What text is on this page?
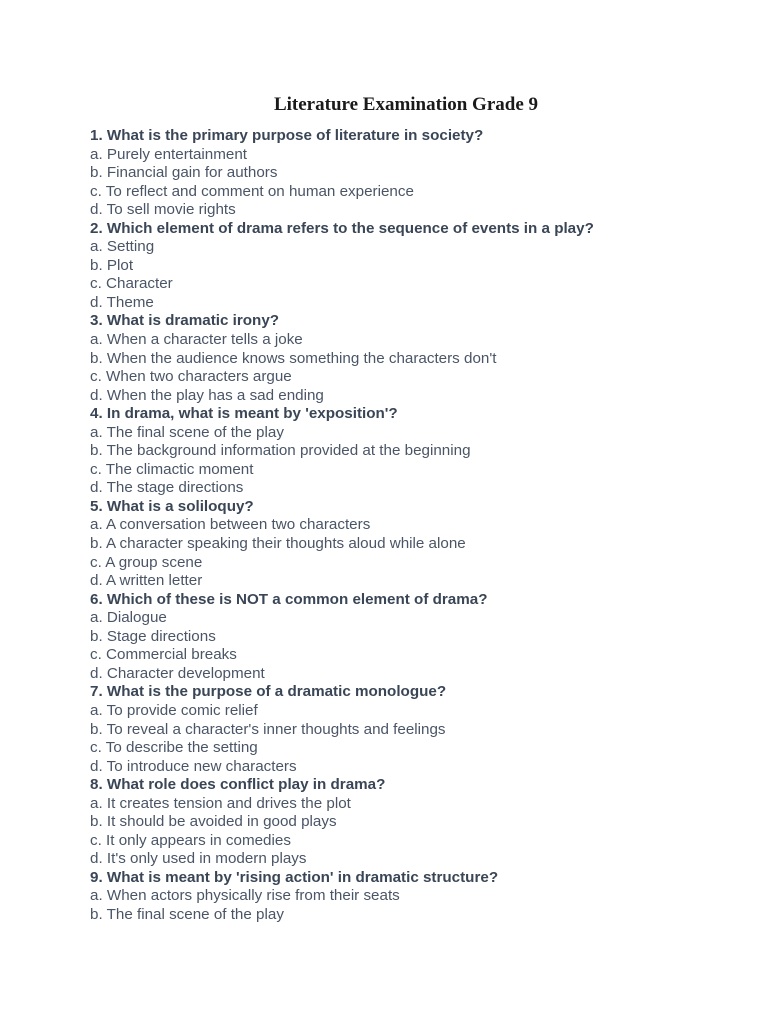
Literature Examination Grade 9
1. What is the primary purpose of literature in society?
a. Purely entertainment
b. Financial gain for authors
c. To reflect and comment on human experience
d. To sell movie rights
2. Which element of drama refers to the sequence of events in a play?
a. Setting
b. Plot
c. Character
d. Theme
3. What is dramatic irony?
a. When a character tells a joke
b. When the audience knows something the characters don't
c. When two characters argue
d. When the play has a sad ending
4. In drama, what is meant by 'exposition'?
a. The final scene of the play
b. The background information provided at the beginning
c. The climactic moment
d. The stage directions
5. What is a soliloquy?
a. A conversation between two characters
b. A character speaking their thoughts aloud while alone
c. A group scene
d. A written letter
6. Which of these is NOT a common element of drama?
a. Dialogue
b. Stage directions
c. Commercial breaks
d. Character development
7. What is the purpose of a dramatic monologue?
a. To provide comic relief
b. To reveal a character's inner thoughts and feelings
c. To describe the setting
d. To introduce new characters
8. What role does conflict play in drama?
a. It creates tension and drives the plot
b. It should be avoided in good plays
c. It only appears in comedies
d. It's only used in modern plays
9. What is meant by 'rising action' in dramatic structure?
a. When actors physically rise from their seats
b. The final scene of the play
